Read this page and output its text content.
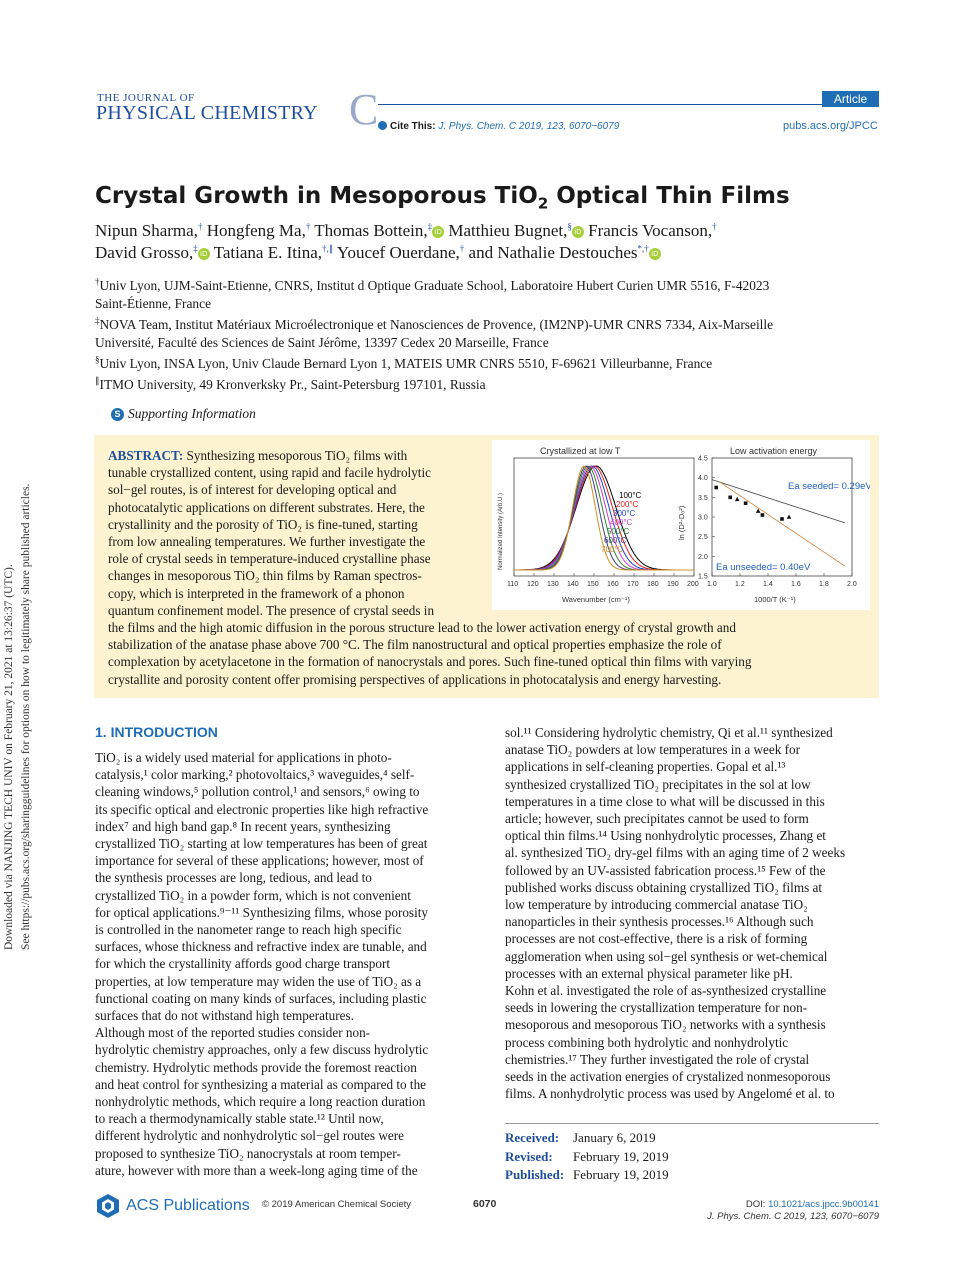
Downloaded via NANJING TECH UNIV on February 21, 2021 at 13:26:37 (UTC). See https://pubs.acs.org/sharingguidelines for options on how to legitimately share published articles.
THE JOURNAL OF
PHYSICAL CHEMISTRY C	Article
Cite This: J. Phys. Chem. C 2019, 123, 6070−6079	pubs.acs.org/JPCC
Crystal Growth in Mesoporous TiO$_2$ Optical Thin Films
Nipun Sharma,† Hongfeng Ma,† Thomas Bottein,‡iD Matthieu Bugnet,§iD Francis Vocanson,†
David Grosso,‡iD Tatiana E. Itina,†,∥ Youcef Ouerdane,† and Nathalie Destouches*,†iD
†Univ Lyon, UJM-Saint-Etienne, CNRS, Institut d Optique Graduate School, Laboratoire Hubert Curien UMR 5516, F-42023
Saint-Étienne, France
‡NOVA Team, Institut Matériaux Microélectronique et Nanosciences de Provence, (IM2NP)-UMR CNRS 7334, Aix-Marseille
Université, Faculté des Sciences de Saint Jérôme, 13397 Cedex 20 Marseille, France
§Univ Lyon, INSA Lyon, Univ Claude Bernard Lyon 1, MATEIS UMR CNRS 5510, F-69621 Villeurbanne, France
∥ITMO University, 49 Kronverksky Pr., Saint-Petersburg 197101, Russia
S Supporting Information
ABSTRACT: Synthesizing mesoporous TiO₂ films with
tunable crystallized content, using rapid and facile hydrolytic
sol−gel routes, is of interest for developing optical and
photocatalytic applications on different substrates. Here, the
crystallinity and the porosity of TiO₂ is fine-tuned, starting
from low annealing temperatures. We further investigate the
role of crystal seeds in temperature-induced crystalline phase
changes in mesoporous TiO₂ thin films by Raman spectros-
copy, which is interpreted in the framework of a phonon
quantum confinement model. The presence of crystal seeds in
the films and the high atomic diffusion in the porous structure lead to the lower activation energy of crystal growth and
stabilization of the anatase phase above 700 °C. The film nanostructural and optical properties emphasize the role of
complexation by acetylacetone in the formation of nanocrystals and pores. Such fine-tuned optical thin films with varying
crystallite and porosity content offer promising perspectives of applications in photocatalysis and energy harvesting.
Crystallized at low T
Normalized Intensity (Arb.U.)
Wavenumber (cm⁻¹)
110 120 130 140 150 160 170 180 190 200
100°C
200°C
300°C
400°C
500°C
600°C
700°C
Low activation energy
ln (D²-D₀²)
1000/T (K⁻¹)
1.0	1.2	1.4	1.6	1.8	2.0
1.5
2.0
2.5
3.0
3.5
4.0
4.5
Ea seeded= 0.29eV
Ea unseeded= 0.40eV
1. INTRODUCTION
TiO₂ is a widely used material for applications in photo-
catalysis,¹ color marking,² photovoltaics,³ waveguides,⁴ self-
cleaning windows,⁵ pollution control,¹ and sensors,⁶ owing to
its specific optical and electronic properties like high refractive
index⁷ and high band gap.⁸ In recent years, synthesizing
crystallized TiO₂ starting at low temperatures has been of great
importance for several of these applications; however, most of
the synthesis processes are long, tedious, and lead to
crystallized TiO₂ in a powder form, which is not convenient
for optical applications.⁹⁻¹¹ Synthesizing films, whose porosity
is controlled in the nanometer range to reach high specific
surfaces, whose thickness and refractive index are tunable, and
for which the crystallinity affords good charge transport
properties, at low temperature may widen the use of TiO₂ as a
functional coating on many kinds of surfaces, including plastic
surfaces that do not withstand high temperatures.
Although most of the reported studies consider non-
hydrolytic chemistry approaches, only a few discuss hydrolytic
chemistry. Hydrolytic methods provide the foremost reaction
and heat control for synthesizing a material as compared to the
nonhydrolytic methods, which require a long reaction duration
to reach a thermodynamically stable state.¹² Until now,
different hydrolytic and nonhydrolytic sol−gel routes were
proposed to synthesize TiO₂ nanocrystals at room temper-
ature, however with more than a week-long aging time of the
sol.¹¹ Considering hydrolytic chemistry, Qi et al.¹¹ synthesized
anatase TiO₂ powders at low temperatures in a week for
applications in self-cleaning properties. Gopal et al.¹³
synthesized crystallized TiO₂ precipitates in the sol at low
temperatures in a time close to what will be discussed in this
article; however, such precipitates cannot be used to form
optical thin films.¹⁴ Using nonhydrolytic processes, Zhang et
al. synthesized TiO₂ dry-gel films with an aging time of 2 weeks
followed by an UV-assisted fabrication process.¹⁵ Few of the
published works discuss obtaining crystallized TiO₂ films at
low temperature by introducing commercial anatase TiO₂
nanoparticles in their synthesis processes.¹⁶ Although such
processes are not cost-effective, there is a risk of forming
agglomeration when using sol−gel synthesis or wet-chemical
processes with an external physical parameter like pH.
Kohn et al. investigated the role of as-synthesized crystalline
seeds in lowering the crystallization temperature for non-
mesoporous and mesoporous TiO₂ networks with a synthesis
process combining both hydrolytic and nonhydrolytic
chemistries.¹⁷ They further investigated the role of crystal
seeds in the activation energies of crystalized nonmesoporous
films. A nonhydrolytic process was used by Angelomé et al. to
Received: January 6, 2019
Revised: February 19, 2019
Published: February 19, 2019
ACS Publications © 2019 American Chemical Society	6070	DOI: 10.1021/acs.jpcc.9b00141
J. Phys. Chem. C 2019, 123, 6070−6079
